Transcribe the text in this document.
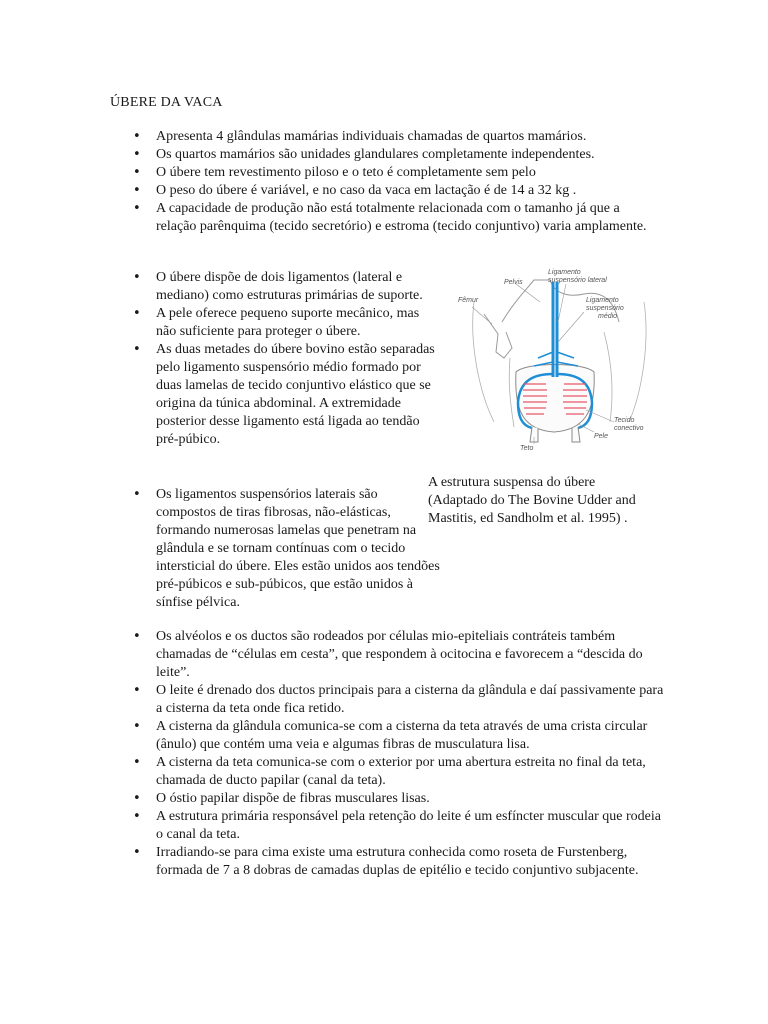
ÚBERE DA VACA
• Apresenta 4 glândulas mamárias individuais chamadas de quartos mamários.
• Os quartos mamários são unidades glandulares completamente independentes.
• O úbere tem revestimento piloso e o teto é completamente sem pelo
• O peso do úbere é variável, e no caso da vaca em lactação é de 14 a 32 kg .
• A capacidade de produção não está totalmente relacionada com o tamanho já que a relação parênquima (tecido secretório) e estroma (tecido conjuntivo) varia amplamente.
• O úbere dispõe de dois ligamentos (lateral e mediano) como estruturas primárias de suporte.
• A pele oferece pequeno suporte mecânico, mas não suficiente para proteger o úbere.
• As duas metades do úbere bovino estão separadas pelo ligamento suspensório médio formado por duas lamelas de tecido conjuntivo elástico que se origina da túnica abdominal. A extremidade posterior desse ligamento está ligada ao tendão pré-púbico.
• Os ligamentos suspensórios laterais são compostos de tiras fibrosas, não-elásticas, formando numerosas lamelas que penetram na glândula e se tornam contínuas com o tecido intersticial do úbere. Eles estão unidos aos tendões pré-púbicos e sub-púbicos, que estão unidos à sínfise pélvica.
• Os alvéolos e os ductos são rodeados por células mio-epiteliais contráteis também chamadas de “células em cesta”, que respondem à ocitocina e favorecem a “descida do leite”.
• O leite é drenado dos ductos principais para a cisterna da glândula e daí passivamente para a cisterna da teta onde fica retido.
• A cisterna da glândula comunica-se com a cisterna da teta através de uma crista circular (ânulo) que contém uma veia e algumas fibras de musculatura lisa.
• A cisterna da teta comunica-se com o exterior por uma abertura estreita no final da teta, chamada de ducto papilar (canal da teta).
• O óstio papilar dispõe de fibras musculares lisas.
• A estrutura primária responsável pela retenção do leite é um esfíncter muscular que rodeia o canal da teta.
• Irradiando-se para cima existe uma estrutura conhecida como roseta de Furstenberg, formada de 7 a 8 dobras de camadas duplas de epitélio e tecido conjuntivo subjacente.
Pelvis
Fêmur
Ligamento
suspensório lateral
Ligamento
suspensório
médio
Tecido
conectivo
Pele
Teto
A estrutura suspensa do úbere
(Adaptado do The Bovine Udder and
Mastitis, ed Sandholm et al. 1995) .
